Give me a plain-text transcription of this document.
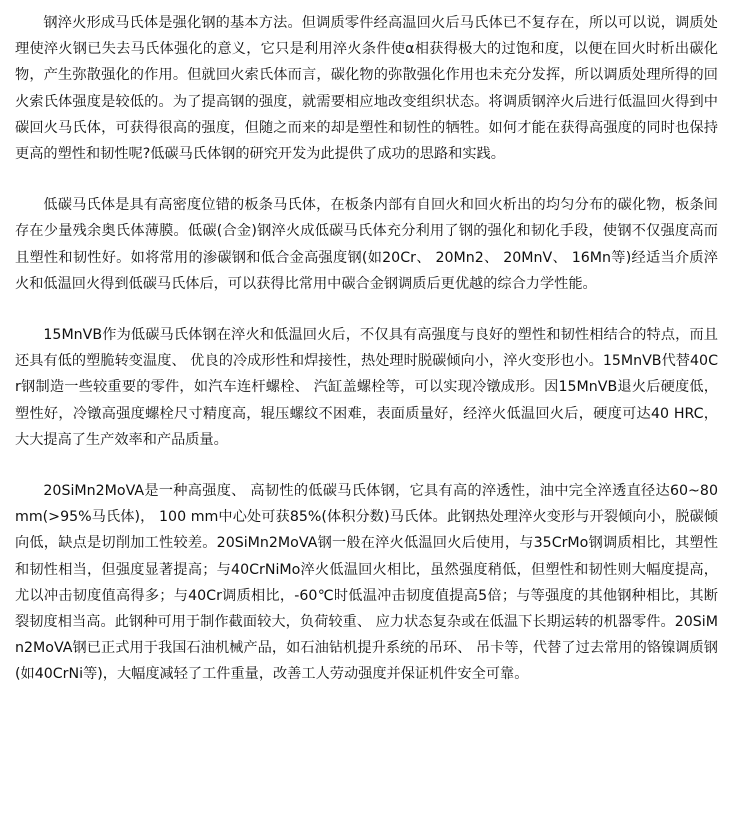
钢淬火形成马氏体是强化钢的基本方法。但调质零件经高温回火后马氏体已不复存在，所以可以说，调质处理使淬火钢已失去马氏体强化的意义，它只是利用淬火条件使α相获得极大的过饱和度，以便在回火时析出碳化物，产生弥散强化的作用。但就回火索氏体而言，碳化物的弥散强化作用也未充分发挥，所以调质处理所得的回火索氏体强度是较低的。为了提高钢的强度，就需要相应地改变组织状态。将调质钢淬火后进行低温回火得到中碳回火马氏体，可获得很高的强度，但随之而来的却是塑性和韧性的牺牲。如何才能在获得高强度的同时也保持更高的塑性和韧性呢?低碳马氏体钢的研究开发为此提供了成功的思路和实践。

低碳马氏体是具有高密度位错的板条马氏体，在板条内部有自回火和回火析出的均匀分布的碳化物，板条间存在少量残余奥氏体薄膜。低碳(合金)钢淬火成低碳马氏体充分利用了钢的强化和韧化手段，使钢不仅强度高而且塑性和韧性好。如将常用的渗碳钢和低合金高强度钢(如20Cr、 20Mn2、 20MnV、 16Mn等)经适当介质淬火和低温回火得到低碳马氏体后，可以获得比常用中碳合金钢调质后更优越的综合力学性能。

15MnVB作为低碳马氏体钢在淬火和低温回火后，不仅具有高强度与良好的塑性和韧性相结合的特点，而且还具有低的塑脆转变温度、 优良的冷成形性和焊接性，热处理时脱碳倾向小，淬火变形也小。15MnVB代替40Cr钢制造一些较重要的零件，如汽车连杆螺栓、 汽缸盖螺栓等，可以实现冷镦成形。因15MnVB退火后硬度低，塑性好，冷镦高强度螺栓尺寸精度高，辊压螺纹不困难，表面质量好，经淬火低温回火后，硬度可达40 HRC，大大提高了生产效率和产品质量。

20SiMn2MoVA是一种高强度、 高韧性的低碳马氏体钢，它具有高的淬透性，油中完全淬透直径达60~80 mm(>95%马氏体)， 100 mm中心处可获85%(体积分数)马氏体。此钢热处理淬火变形与开裂倾向小，脱碳倾向低，缺点是切削加工性较差。20SiMn2MoVA钢一般在淬火低温回火后使用，与35CrMo钢调质相比，其塑性和韧性相当，但强度显著提高；与40CrNiMo淬火低温回火相比，虽然强度稍低，但塑性和韧性则大幅度提高，尤以冲击韧度值高得多；与40Cr调质相比，-60℃时低温冲击韧度值提高5倍；与等强度的其他钢种相比，其断裂韧度相当高。此钢种可用于制作截面较大，负荷较重、 应力状态复杂或在低温下长期运转的机器零件。20SiMn2MoVA钢已正式用于我国石油机械产品，如石油钻机提升系统的吊环、 吊卡等，代替了过去常用的铬镍调质钢(如40CrNi等)，大幅度减轻了工件重量，改善工人劳动强度并保证机件安全可靠。
